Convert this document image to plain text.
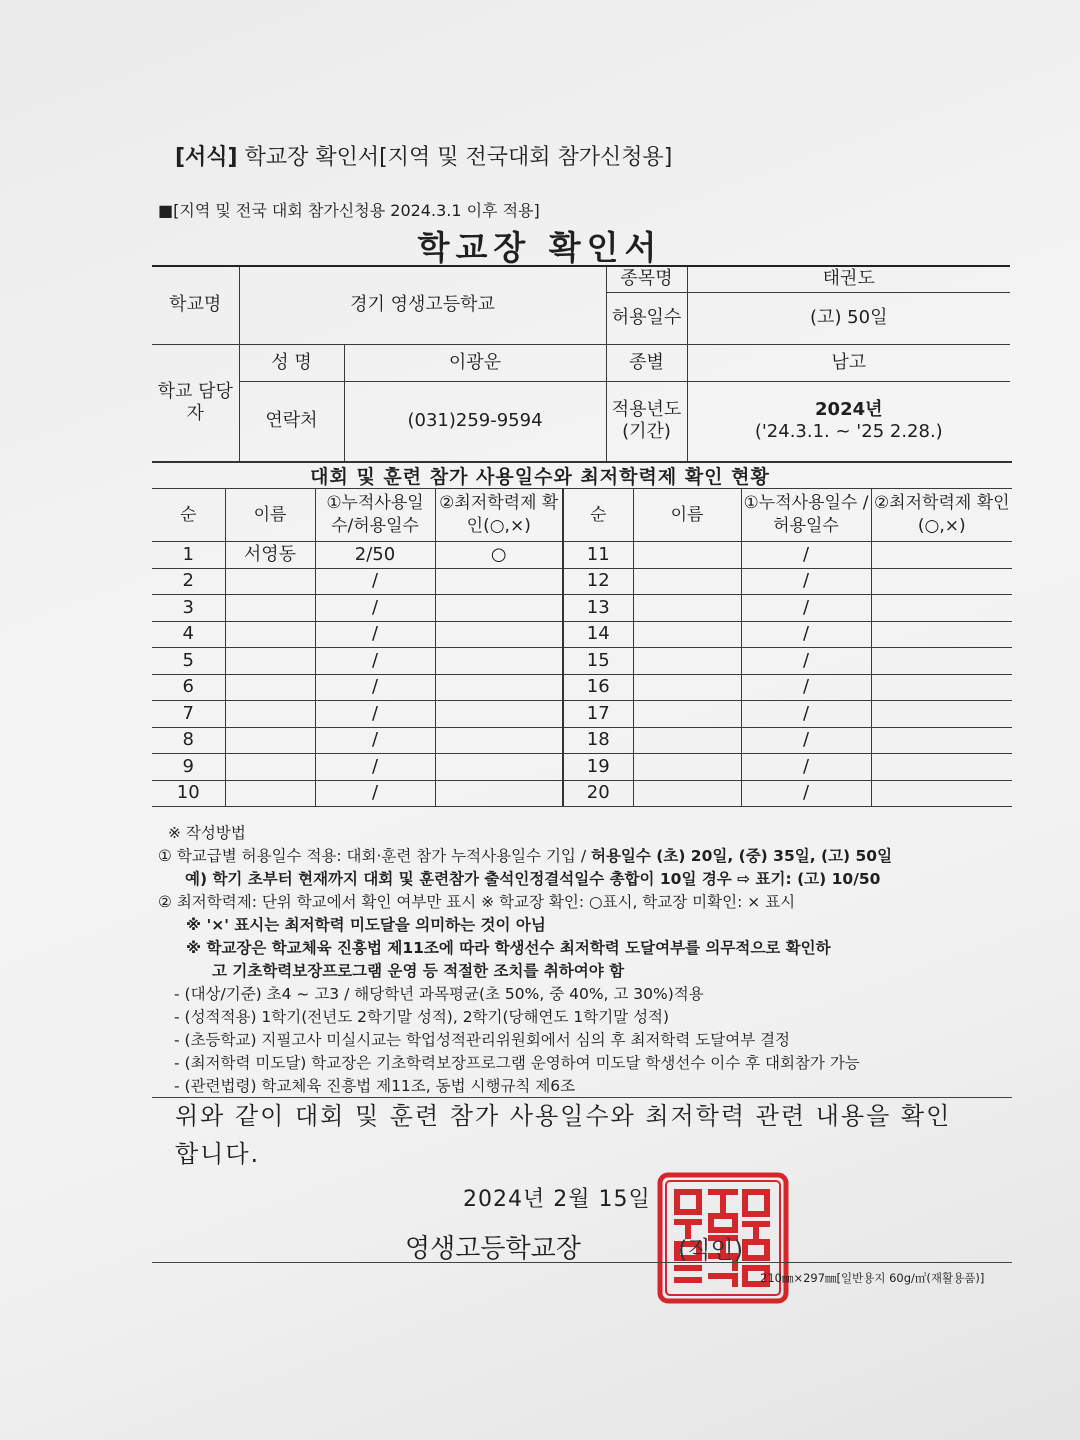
[서식] 학교장 확인서[지역 및 전국대회 참가신청용]
■[지역 및 전국 대회 참가신청용 2024.3.1 이후 적용]
학교장 확인서
학교명	경기 영생고등학교		종목명	태권도
			허용일수	(고) 50일
학교 담당자	성 명	이광운	종별	남고
	연락처	(031)259-9594	적용년도 (기간)	2024년
('24.3.1. ~ '25 2.28.)
대회 및 훈련 참가 사용일수와 최저학력제 확인 현황
순	이름	①누적사용일수/허용일수	②최저학력제 확인(○,×)	순	이름	①누적사용일수 /허용일수	②최저학력제 확인(○,×)
1	서영동	2/50	○	11		/	
2		/		12		/	
3		/		13		/	
4		/		14		/	
5		/		15		/	
6		/		16		/	
7		/		17		/	
8		/		18		/	
9		/		19		/	
10		/		20		/	
※ 작성방법
① 학교급별 허용일수 적용: 대회·훈련 참가 누적사용일수 기입 / 허용일수 (초) 20일, (중) 35일, (고) 50일
예) 학기 초부터 현재까지 대회 및 훈련참가 출석인정결석일수 총합이 10일 경우 ⇨ 표기: (고) 10/50
② 최저학력제: 단위 학교에서 확인 여부만 표시 ※ 학교장 확인: ○표시, 학교장 미확인: × 표시
※ '×' 표시는 최저학력 미도달을 의미하는 것이 아님
※ 학교장은 학교체육 진흥법 제11조에 따라 학생선수 최저학력 도달여부를 의무적으로 확인하
고 기초학력보장프로그램 운영 등 적절한 조치를 취하여야 함
- (대상/기준) 초4 ~ 고3 / 해당학년 과목평균(초 50%, 중 40%, 고 30%)적용
- (성적적용) 1학기(전년도 2학기말 성적), 2학기(당해연도 1학기말 성적)
- (초등학교) 지필고사 미실시교는 학업성적관리위원회에서 심의 후 최저학력 도달여부 결정
- (최저학력 미도달) 학교장은 기초학력보장프로그램 운영하여 미도달 학생선수 이수 후 대회참가 가능
- (관련법령) 학교체육 진흥법 제11조, 동법 시행규칙 제6조
위와 같이 대회 및 훈련 참가 사용일수와 최저학력 관련 내용을 확인
합니다.
2024년 2월 15일
영생고등학교장	(직인)
210㎜×297㎜[일반용지 60g/㎡(재활용품)]
